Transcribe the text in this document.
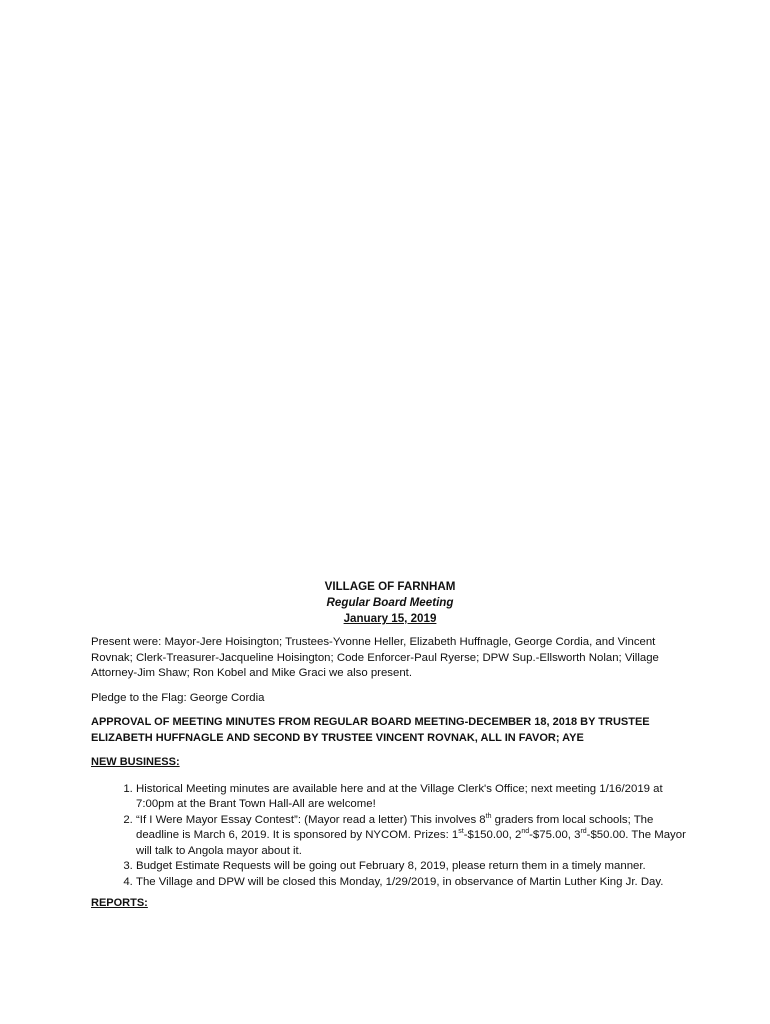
VILLAGE OF FARNHAM
Regular Board Meeting
January 15, 2019

Present were: Mayor-Jere Hoisington; Trustees-Yvonne Heller, Elizabeth Huffnagle, George Cordia, and Vincent Rovnak; Clerk-Treasurer-Jacqueline Hoisington; Code Enforcer-Paul Ryerse; DPW Sup.-Ellsworth Nolan; Village Attorney-Jim Shaw; Ron Kobel and Mike Graci we also present.

Pledge to the Flag: George Cordia

APPROVAL OF MEETING MINUTES FROM REGULAR BOARD MEETING-DECEMBER 18, 2018 BY TRUSTEE ELIZABETH HUFFNAGLE AND SECOND BY TRUSTEE VINCENT ROVNAK, ALL IN FAVOR; AYE

NEW BUSINESS:
1. Historical Meeting minutes are available here and at the Village Clerk's Office; next meeting 1/16/2019 at 7:00pm at the Brant Town Hall-All are welcome!
2. “If I Were Mayor Essay Contest”: (Mayor read a letter) This involves 8th graders from local schools; The deadline is March 6, 2019. It is sponsored by NYCOM. Prizes: 1st-$150.00, 2nd-$75.00, 3rd-$50.00. The Mayor will talk to Angola mayor about it.
3. Budget Estimate Requests will be going out February 8, 2019, please return them in a timely manner.
4. The Village and DPW will be closed this Monday, 1/29/2019, in observance of Martin Luther King Jr. Day.
REPORTS:
